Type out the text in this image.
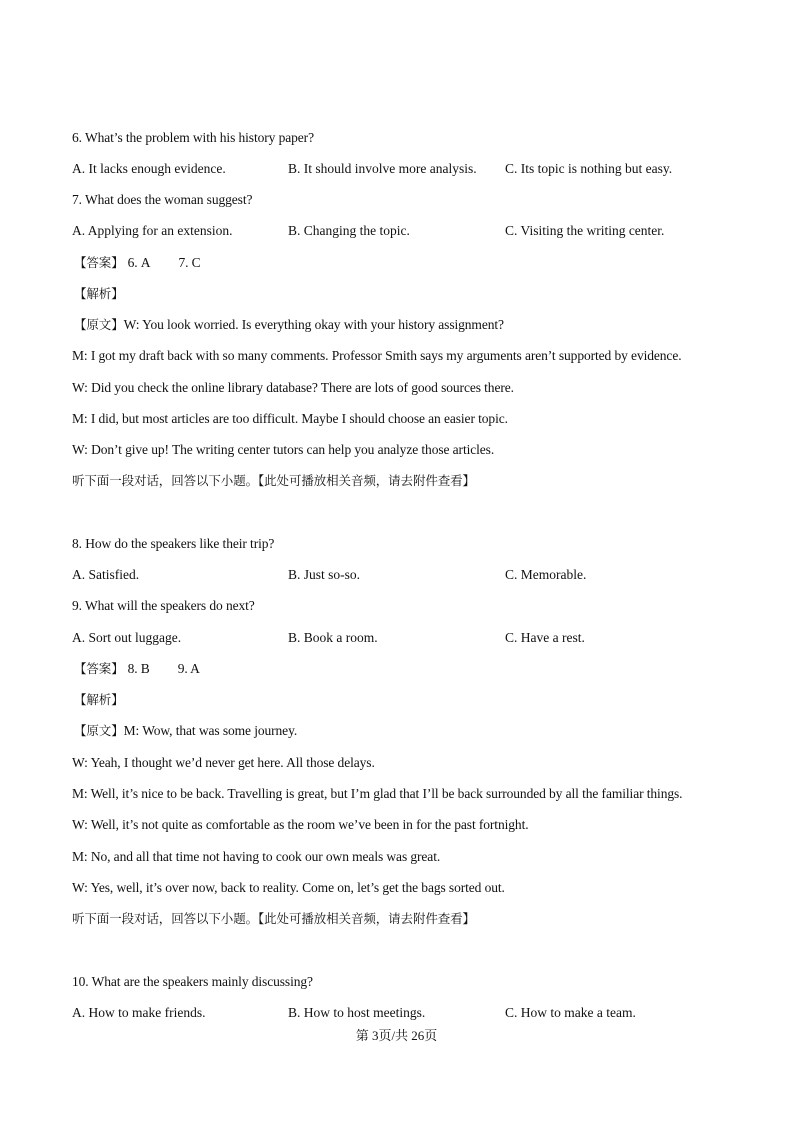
6. What’s the problem with his history paper?
A. It lacks enough evidence.	B. It should involve more analysis. C. Its topic is nothing but easy.
7. What does the woman suggest?
A. Applying for an extension.	B. Changing the topic.	C. Visiting the writing center.
【答案】 6. A 7. C
【解析】
【原文】W: You look worried. Is everything okay with your history assignment?
M: I got my draft back with so many comments. Professor Smith says my arguments aren’t supported by evidence.
W: Did you check the online library database? There are lots of good sources there.
M: I did, but most articles are too difficult. Maybe I should choose an easier topic.
W: Don’t give up! The writing center tutors can help you analyze those articles.
听下面一段对话，回答以下小题。【此处可播放相关音频，请去附件查看】
8. How do the speakers like their trip?
A. Satisfied.	B. Just so-so.	C. Memorable.
9. What will the speakers do next?
A. Sort out luggage.	B. Book a room.	C. Have a rest.
【答案】 8. B 9. A
【解析】
【原文】M: Wow, that was some journey.
W: Yeah, I thought we’d never get here. All those delays.
M: Well, it’s nice to be back. Travelling is great, but I’m glad that I’ll be back surrounded by all the familiar things.
W: Well, it’s not quite as comfortable as the room we’ve been in for the past fortnight.
M: No, and all that time not having to cook our own meals was great.
W: Yes, well, it’s over now, back to reality. Come on, let’s get the bags sorted out.
听下面一段对话，回答以下小题。【此处可播放相关音频，请去附件查看】
10. What are the speakers mainly discussing?
A. How to make friends.	B. How to host meetings.	C. How to make a team.
第 3页/共 26页
